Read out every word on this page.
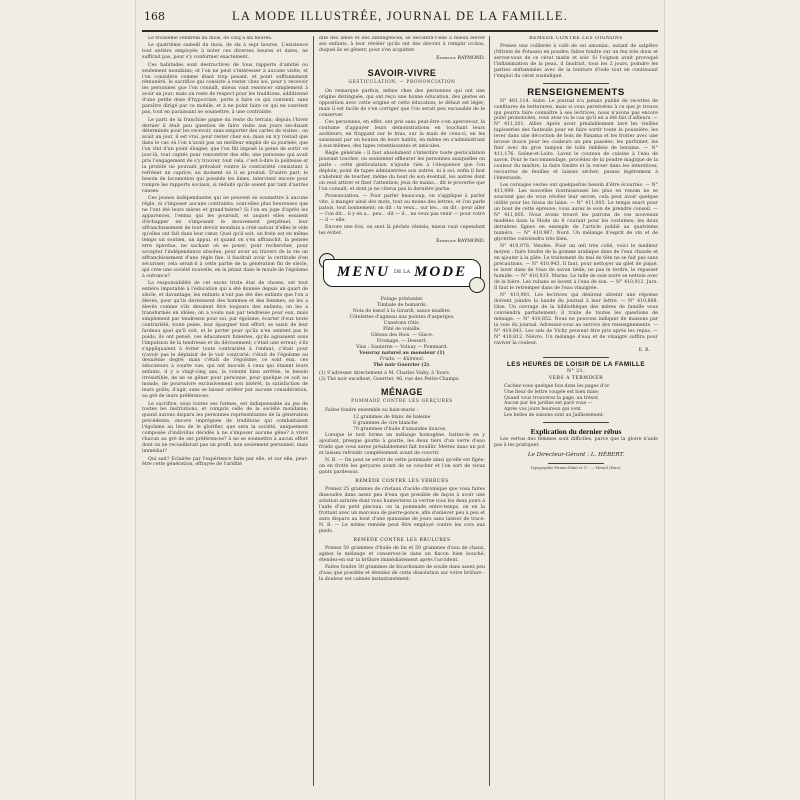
168	LA MODE ILLUSTRÉE, JOURNAL DE LA FAMILLE.

Le troisième vendredi du mois, de cinq à six heures.

Le quatrième samedi du mois, de six à sept heures. L'existence tout entière employée à noter ces diverses heures et dates, ne suffirait pas, pour s'y conformer exactement.

Ces habitudes sont destructives de tous rapports d'amitié ou seulement mondains; et l'on ne peut s'intéresser à aucune visite, et l'on considère comme étant trop pesant, et point suffisamment rémunéré, le sacrifice qui consiste à rester chez soi, pour y recevoir les personnes que l'on connaît, mieux vaut renoncer simplement à avoir un jour; mais un reste de respect pour les traditions, additionné d'une petite dose d'hypocrisie, porte à faire ce qui convient, sans paraître dirigé par ce mobile, et à ne point faire ce qui ne convient pas, tout en paraissant se soumettre, à une contrainte.

Le parti de la franchise gagne du reste du terrain; depuis l'hiver dernier il était peu question de faire visite aux jours sei-disant déterminés pour les recevoir, sans emporter des cartes de visites : on avait un jour, il est vrai, pour rester chez soi; mais on n'y restait que dans le cas où l'on n'avait pas un meilleur emploi de sa journée; que l'on vînt d'un point éloigné; que l'on fût imposé la peine de sortir ce jour-là, tout captés pour rencontrer des elle, une personne qui avait pris l'engagement de s'y trouver, tout cela, c'est-à-dire la politesse et la probité ne pouvant prévaloir contre la contrariété consistant à refréner un caprice, au moment où il se produit. D'autre part, le besoin de locomotion qui possède les âmes, intervient encore pour rompre les rapports sociaux, si réduits qu'ils soient par tant d'autres causes.

Ces jeunes indépendantes qui ne peuvent se soumettre à aucune règle, ni s'imposer aucune contrainte, sont-elles plus heureuses que ne l'ont été leurs mères et grand'mères? Si l'on en juge d'après les apparences, l'ennui qui les poursuit, et auquel elles essaient d'échapper en s'imposant le mouvement perpétuel, leur affranchissement de tout devoir mondain a créé autour d'elles le vide qu'elles ont fait dans leur cœur. Quel qu'il soit, un frein est en même temps un soutien, un appui, et quand on s'en affranchit, la pensée erre éperdue, ne sachant où se poser; pour rechercher, pour accepter l'indépendance absolue, pour avoir au travers de la vie un affranchissement d'une règle fixe, il faudrait avoir la certitude d'en sécuriser; cela serait-il à cette partie de la génération fin de siècle, qui crée une société nouvelle, en la jetant dans le moule de l'égoïsme à outrance?

La responsabilité de cet excès triste état de choses, est tout entière imputable à l'éducation qui a été donnée depuis un quart de siècle, et davantage; les enfants n'ont pas été des enfants que l'on a élevés, pour qu'ils deviennent des hommes et des femmes; on les a élevés comme s'ils devaient être toujours des enfants; on les a transformés en idoles; on a voulu non par tendresse pour eux, mais simplement par tendresse pour soi, par égoïsme, écarter d'eux toute contrariété, toute peine, leur épargner tout effort, se saisir de leur fardeau quel qu'il soit, et le porter pour qu'ils n'en sentent pas le poids; ils ont pensé, ces éducateurs funestes, qu'ils agissaient sous l'impulsion de la tendresse et du dévouement; c'était une erreur; s'ils s'appliquaient à éviter toute contrariété à l'enfant, c'était pour n'avoir pas le déplaisir de le voir contrarié; c'était de l'égoïsme au deuxième degré; mais c'était de l'égoïsme; ce sont eux, ces éducateurs à courte vue, qui ont inoculé à ceux qui étaient leurs enfants, il y a vingt-cinq ans, la volonté bien arrêtée, le besoin irrésistible, de ne se gêner pour personne, pour quelque ce soit au monde, de poursuivre exclusivement son intérêt, la satisfaction de leurs goûts, d'agir, sans se laisser arrêter par aucune considération, au gré de leurs préférences.

Le sacrifice, sous toutes ses formes, est indispensable au jeu de toutes les institutions, et compris celle de la société mondaine; quand aurons disparu les personnes représentantes de la génération précédente, encore imprégnée de traditions qui combattaient l'égoïsme au lieu de le glorifier, que sera la société, uniquement composée d'individus décidés à ne s'imposer aucune gêne? à vivre chacun au gré de ses préférences? à ne se soumettre à aucun effort dont on ne recueillerait pas un profit, non seulement personnel, mais immédiat?

Qui sait? Éclairée par l'expérience faite par elle, et sur elle, peut-être cette génération, effrayée de l'aridité

dité des âmes et des intelligences, se décidera-t-elle à mieux élever ses enfants, à leur révéler qu'ils ont des devoirs à remplir ici-bas, duquel ils se gênerr, pour s'en acquitter.

Emmeline RAYMOND.
SAVOIR-VIVRE
GESTICULATION. — PRONONCIATION

On remarque parfois, même chez des personnes qui ont une origine distinguée, qui ont reçu une bonne éducation, des gestes en opposition avec cette origine et cette éducation; le défaut est léger; mais il est facile de s'en corriger que l'on serait peu excusable de le conserver.

Ces personnes, en effet, ont pris sans peut-être s'en apercevoir, la coutume d'appuyer leurs démonstrations en touchant leurs auditeurs, en frappant sur le bras, sur la main de ceux-ci, en les saisissant par un bouton de leurs habits, en même en s'administrant à eux-mêmes, des tapes retentissantes et amicales.

Règle générale : il faut absolument s'interdire toute gesticulation pouvant toucher, ou seulement effleurer les personnes auxquelles on parle : cette gesticulation n'ajoute rien à l'éloquence que l'on déploie; point de tapes administrées aux autres, ni à soi; enfin il faut s'abstenir de toucher, même du bout de son éventail, les autres dont on veut attirer et fixer l'attention; jeux de mains... dit le proverbe que l'on connaît, et dont je ne citerai pas la dernière partie.

Prononciation. — Pour parler beaucoup, on s'applique à parler vite, à manger ainsi des mots, tout au moins des lettres, et l'on parle patois, tout bonnement; on dit : tu veux... sur les... on dit : pour aller — l'on dit... il y en a... peu... dit — il... ne veux pas venir — pour votre — il — elle.

Encore une fois, on sent là péchés véniels; mieux vaut cependant les éviter.

Emmeline RAYMOND.
MENU DE LA MODE
Potage printanier.
Timbale de homards.
Noix de bœuf à la Girardi, sauce madère.
Côtelettes d'agneau aux pointes d'asperges.
Canetons rôtis.
Pâté de volaille.
Gâteau des Rois. — Glace.
Fromage. — Dessert.
Vins : Sauterne — Volnay — Pommard.
Vouvray naturel au monsieur (1)
Fruits. — Kümmel.
Thé noir Guerrier (2).
(1) S'adresser directement à M. Charles Vaiby, à Tours.
(2) Thé noir excellent, Guerrier, 46, rue des Petits-Champs.
MÉNAGE
POMMADE CONTRE LES GERÇURES

Faites fondre ensemble au bain-marie :

12 grammes de blanc de baleine
8 grammes de cire blanche
70 grammes d'huile d'amandes douces.

Lorsque le tout forme un mélange homogène, battez-le en y ajoutant, presque goutte à goutte, les deux tiers d'un verre d'eau froide que vous aurez préalablement fait bouillir. Mettez dans un pot et laissez refroidir complètement avant de couvrir.

N. B. — On peut se servir de cette pommade ainsi qu'elle est figée; on en frotte les gerçures avant de se coucher et l'on sort de vieux gants pardessus.

REMÈDE CONTRE LES VERRUES

Prenez 25 grammes de cristaux d'acide chromique que vous faites dissoudre dans assez peu d'eau que possible de façon à avoir une solution saturée dont vous humecterez la verrue tous les deux jours à l'aide d'un petit pinceau; on la pommade entre-temps, on en la frottant avec un morceau de pierre-ponce, afin d'enlever peu à peu et aura disparu au bout d'une quinzaine de jours sans laisser de trace. N. B. — Le même remède peut être employé contre les cors aux pieds.

REMÈDE CONTRE LES BRULURES

Prenez 50 grammes d'huile de lin et 50 grammes d'eau de chaux, agitez le mélange et conservez-le dans un flacon bien bouché; étendez-en sur la brûlure immédiatement après l'accident.

Faites fondre 30 grammes de bicarbonate de soude dans assez peu d'eau que possible et étendez de cette dissolution sur votre brûlure : la douleur est calmée instantanément.

REMÈDE CONTRE LES OIGNONS

Prenez une cuillerée à café de sel amoniac, autant de salpêtre (Nitrate de Potasse) en poudre; faites fondre sur un feu très doux et servez-vous de ce cérat matin et soir. Si l'oignon avait provoqué l'inflammation de la peau, il faudrait, tous les 2 jours, poindre les parties enflammées avec de la teinture d'iode tout en continuant l'emploi du cérat susindiqué.

RENSEIGNEMENTS

N° 481,114. Aube. Le journal n'a jamais publié de recettes de confitures de betteraves, mais si vous persévérez à ce que je trouve qui pourra faire connaître à ses lectrices, nous n'avons pas encore point prononcées, vous avez vu le cas qu'il en a été fait d'ailleurs. — N° 411,201. Allier. Après avoir préalablement lavé les vieilles tapisseries des fauteuils pour en faire sortir toute la poussière, les lever dans une décoction de bois de Panama et les frotter avec une brosse douce pour les couleurs un peu passées; les parfumer, les finir avec du gros tampon de toile imbibée de benzine. — N° 411,176. Saône-et-Loire. Lavez le couteau de cuisine à l'eau de savon. Pour le raccommodage, procédez de la poudre magique de la couleur du marbre, la faire fondre et la verser dans les interstices; recouvrez de feuilles et laissez sécher; passez légèrement à l'émeraude.

Les corsages vestes ont quelquefois besoin d'être écourtés. — N° 411,099. Les nouvelles fournisseuses les plus en renom ne se soucient pas de vous révéler leur secret; cela peut avoir quelque utilité pour les tissus de laine. — N° 411,003. Le temps exact pour un bout de cette épreuve; vous aurez le soin de prendre conseil. — N° 411,005. Nous avons trouvé les patrons de ces nouveaux modèles dans la Mode du 8 courant pour les costumes; les deux dernières lignes en exemple de l'article publié au quatrième numéro. — N° 410,987. Nord. Un mélange d'esprit de vin et de glycérine conviendra très bien.

N° 410,978. Vendée. Pour un œil très collé, voici le meilleur moyen : faire fondre de la gomme arabique dans de l'eau chaude et en ajouter à la pâte. Le traitement du mal de tête ne se fait pas sans précautions. — N° 410,943. Il faut, pour nettoyer un gilet de piqué, le laver dans de l'eau de savon tiède; ne pas le tordre, le repasser humide. — N° 410,933. Marne. Le tulle de soie noire se nettoie avec de la bière. Les rubans se lavent à l'eau de son. — N° 410,912. Jura. Il faut le retremper dans de l'eau vinaigrée.

N° 410,901. Les lectrices qui désirent obtenir une réponse doivent joindre la bande du journal à leur lettre. — N° 410,888. Oise. Un ouvrage de la bibliothèque des mères de famille vous conviendra parfaitement; il traite de toutes les questions de ménage. — N° 410,852. Nous ne pouvons indiquer de maisons par la voie du journal. Adressez-vous au service des renseignements. — N° 410,843. Les sels de Vichy peuvent être pris après les repas. — N° 410,812. Nièvre. Un mélange d'eau et de vinaigre suffira pour raviver la couleur.

E. R.
LES HEURES DE LOISIR DE LA FAMILLE
N° 21.
VERS A TERMINER
Cachez-vous quelque fois dans les pages d'or
Une fleur de lettre coupée est bien mise;
Quand vous trouverez la page, au trésor,
Aucun par les jardins est paré vous —
Après vos jours heureux qui vont
Les belles de saisons sont au Jaillissement.
Explication du dernier rébus

Les vertus des femmes sont difficiles, parce que la gloire n'aide pas à les pratiquer.

Le Directeur-Gérant : L. HÉBERT.
Typographie Firmin-Didot et Cⁱᵉ. — Mesnil (Eure).
